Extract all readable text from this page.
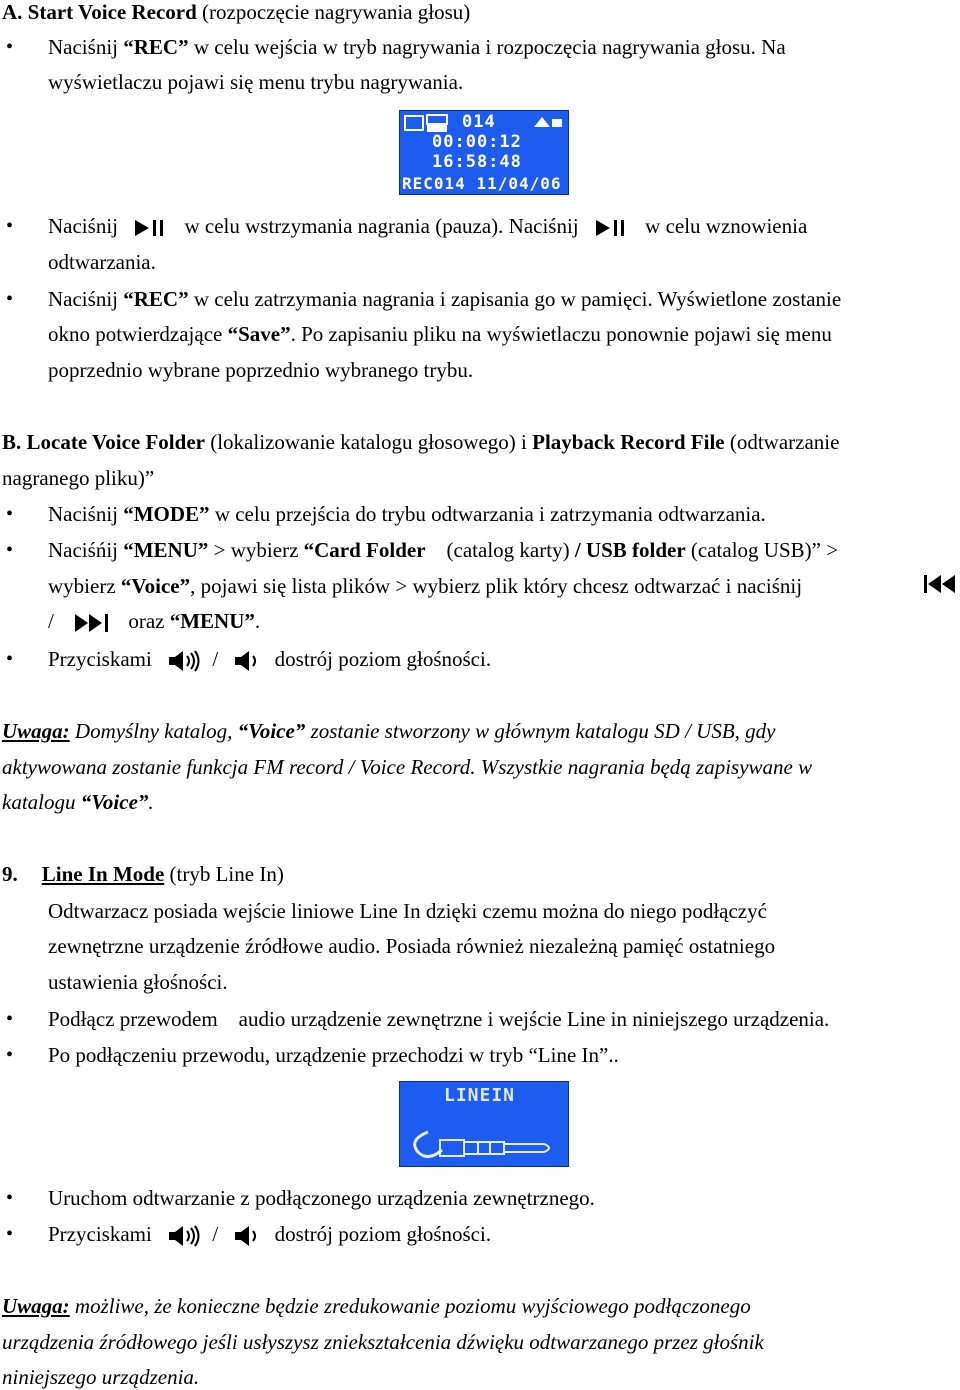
A. Start Voice Record (rozpoczęcie nagrywania głosu)
• Naciśnij “REC” w celu wejścia w tryb nagrywania i rozpoczęcia nagrywania głosu. Na
wyświetlaczu pojawi się menu trybu nagrywania.
014
00:00:12
16:58:48
REC014 11/04/06
• Naciśnij	w celu wstrzymania nagrania (pauza). Naciśnij	w celu wznowienia
odtwarzania.
• Naciśnij “REC” w celu zatrzymania nagrania i zapisania go w pamięci. Wyświetlone zostanie
okno potwierdzające “Save”. Po zapisaniu pliku na wyświetlaczu ponownie pojawi się menu
poprzednio wybrane poprzednio wybranego trybu.
B. Locate Voice Folder (lokalizowanie katalogu głosowego) i Playback Record File (odtwarzanie
nagranego pliku)”
• Naciśnij “MODE” w celu przejścia do trybu odtwarzania i zatrzymania odtwarzania.
• Naciśńij “MENU” > wybierz “Card Folder    (catalog karty) / USB folder (catalog USB)” >
wybierz “Voice”, pojawi się lista plików > wybierz plik który chcesz odtwarzać i naciśnij
/	oraz “MENU”.
• Przyciskami	/	dostrój poziom głośności.
Uwaga: Domyślny katalog, “Voice” zostanie stworzony w głównym katalogu SD / USB, gdy
aktywowana zostanie funkcja FM record / Voice Record. Wszystkie nagrania będą zapisywane w
katalogu “Voice”.
9. Line In Mode (tryb Line In)
Odtwarzacz posiada wejście liniowe Line In dzięki czemu można do niego podłączyć
zewnętrzne urządzenie źródłowe audio. Posiada również niezależną pamięć ostatniego
ustawienia głośności.
• Podłącz przewodem    audio urządzenie zewnętrzne i wejście Line in niniejszego urządzenia.
• Po podłączeniu przewodu, urządzenie przechodzi w tryb “Line In”..
LINEIN
• Uruchom odtwarzanie z podłączonego urządzenia zewnętrznego.
• Przyciskami	/	dostrój poziom głośności.
Uwaga: możliwe, że konieczne będzie zredukowanie poziomu wyjściowego podłączonego
urządzenia źródłowego jeśli usłyszysz zniekształcenia dźwięku odtwarzanego przez głośnik
niniejszego urządzenia.
